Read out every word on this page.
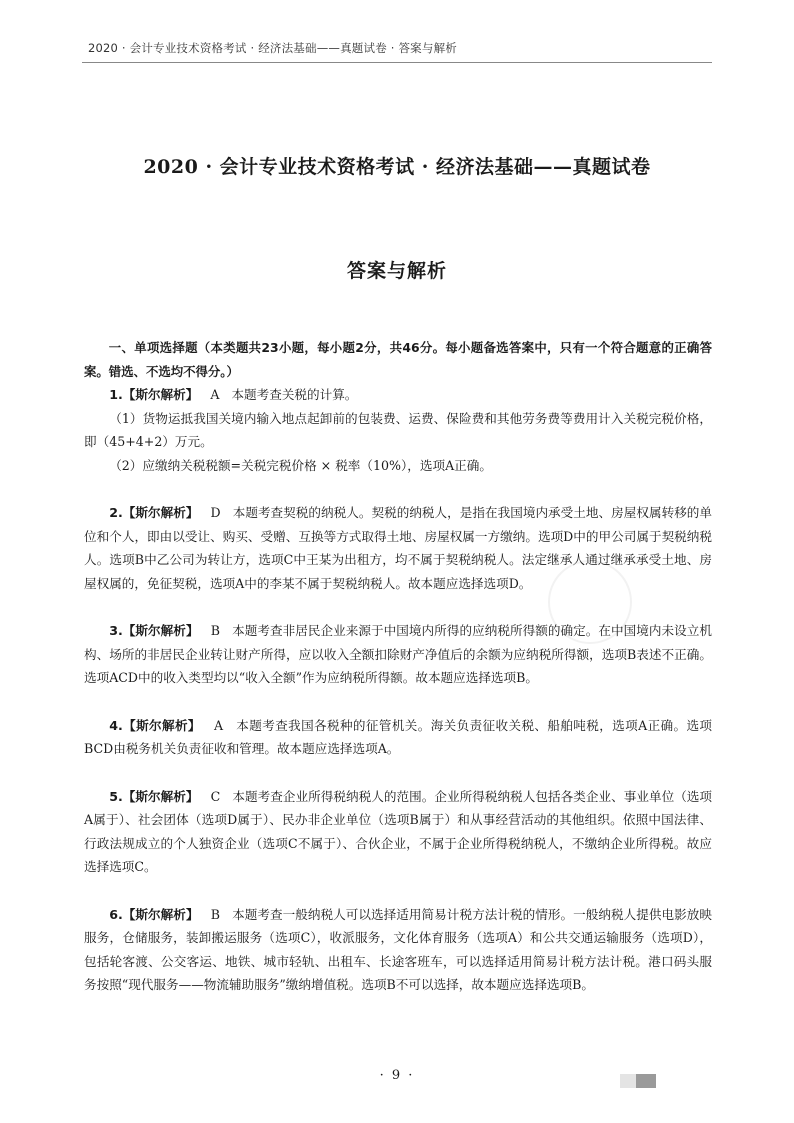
2020 · 会计专业技术资格考试 · 经济法基础——真题试卷 · 答案与解析
2020 · 会计专业技术资格考试 · 经济法基础——真题试卷
答案与解析

一、单项选择题（本类题共23小题，每小题2分，共46分。每小题备选答案中，只有一个符合题意的正确答案。错选、不选均不得分。）

1.【斯尔解析】 A 本题考查关税的计算。

（1）货物运抵我国关境内输入地点起卸前的包装费、运费、保险费和其他劳务费等费用计入关税完税价格，即（45+4+2）万元。

（2）应缴纳关税税额=关税完税价格 × 税率（10%），选项A正确。

2.【斯尔解析】 D 本题考查契税的纳税人。契税的纳税人，是指在我国境内承受土地、房屋权属转移的单位和个人，即由以受让、购买、受赠、互换等方式取得土地、房屋权属一方缴纳。选项D中的甲公司属于契税纳税人。选项B中乙公司为转让方，选项C中王某为出租方，均不属于契税纳税人。法定继承人通过继承承受土地、房屋权属的，免征契税，选项A中的李某不属于契税纳税人。故本题应选择选项D。

3.【斯尔解析】 B 本题考查非居民企业来源于中国境内所得的应纳税所得额的确定。在中国境内未设立机构、场所的非居民企业转让财产所得，应以收入全额扣除财产净值后的余额为应纳税所得额，选项B表述不正确。选项ACD中的收入类型均以“收入全额”作为应纳税所得额。故本题应选择选项B。

4.【斯尔解析】 A 本题考查我国各税种的征管机关。海关负责征收关税、船舶吨税，选项A正确。选项BCD由税务机关负责征收和管理。故本题应选择选项A。

5.【斯尔解析】 C 本题考查企业所得税纳税人的范围。企业所得税纳税人包括各类企业、事业单位（选项A属于）、社会团体（选项D属于）、民办非企业单位（选项B属于）和从事经营活动的其他组织。依照中国法律、行政法规成立的个人独资企业（选项C不属于）、合伙企业，不属于企业所得税纳税人，不缴纳企业所得税。故应选择选项C。

6.【斯尔解析】 B 本题考查一般纳税人可以选择适用简易计税方法计税的情形。一般纳税人提供电影放映服务，仓储服务，装卸搬运服务（选项C），收派服务，文化体育服务（选项A）和公共交通运输服务（选项D），包括轮客渡、公交客运、地铁、城市轻轨、出租车、长途客班车，可以选择适用简易计税方法计税。港口码头服务按照“现代服务——物流辅助服务”缴纳增值税。选项B不可以选择，故本题应选择选项B。

· 9 ·
